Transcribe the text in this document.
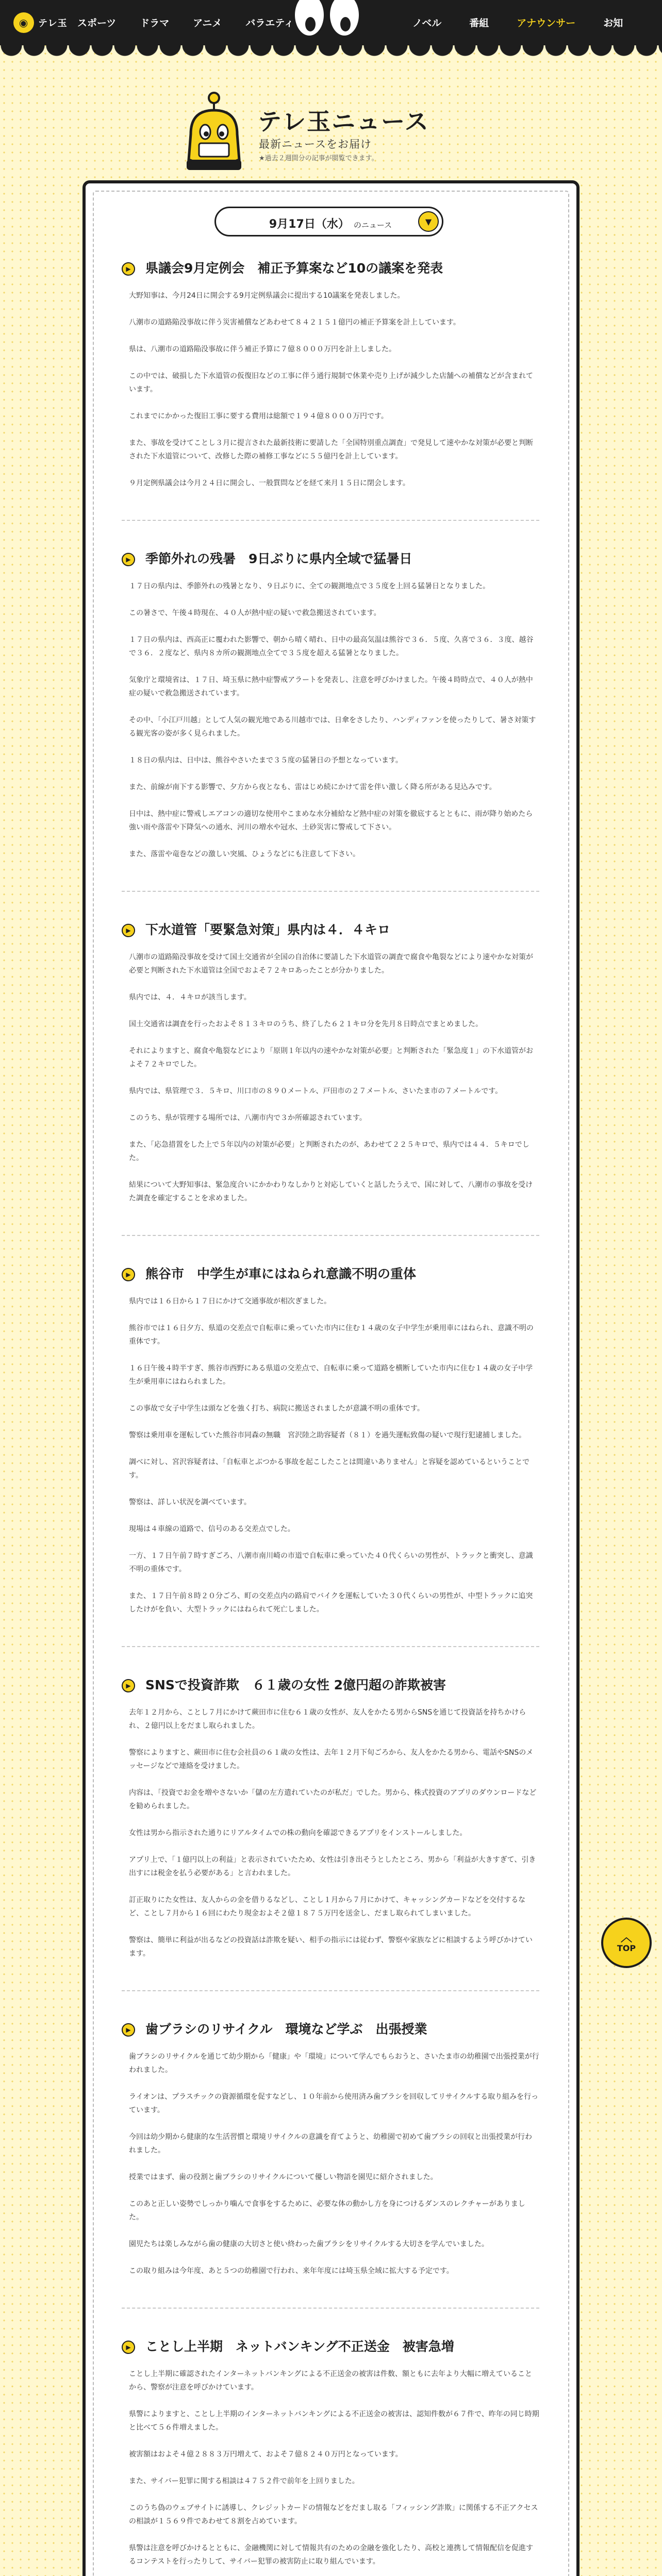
◉	テレ玉 スポーツ ドラマ アニメ バラエティ	ノベル	番組	アナウンサー	お知
テレ玉ニュース
最新ニュースをお届け
★過去２週間分の記事が閲覧できます。
9月17日（水） のニュース	▼
▶	県議会9月定例会　補正予算案など10の議案を発表

大野知事は、今月24日に開会する9月定例県議会に提出する10議案を発表しました。

八潮市の道路陥没事故に伴う災害補償などあわせて８４２１５１億円の補正予算案を計上しています。

県は、八潮市の道路陥没事故に伴う補正予算に７億８０００万円を計上しました。

この中では、破損した下水道管の仮復旧などの工事に伴う通行規制で休業や売り上げが減少した店舗への補償などが含まれています。

これまでにかかった復旧工事に要する費用は総額で１９４億８０００万円です。

また、事故を受けてことし３月に提言された最新技術に要請した「全国特別重点調査」で発見して速やかな対策が必要と判断された下水道管について、改修した際の補修工事などに５５億円を計上しています。

９月定例県議会は今月２４日に開会し、一般質問などを経て来月１５日に閉会します。

▶	季節外れの残暑　9日ぶりに県内全域で猛暑日

１７日の県内は、季節外れの残暑となり、９日ぶりに、全ての観測地点で３５度を上回る猛暑日となりました。

この暑さで、午後４時現在、４０人が熱中症の疑いで救急搬送されています。

１７日の県内は、西高正に覆われた影響で、朝から晴く晴れ、日中の最高気温は熊谷で３６．５度、久喜で３６．３度、越谷で３６．２度など、県内８カ所の観測地点全てで３５度を超える猛暑となりました。

気象庁と環境省は、１７日、埼玉県に熱中症警戒アラートを発表し、注意を呼びかけました。午後４時時点で、４０人が熱中症の疑いで救急搬送されています。

その中、「小江戸川越」として人気の観光地である川越市では、日傘をさしたり、ハンディファンを使ったりして、暑さ対策する観光客の姿が多く見られました。

１８日の県内は、日中は、熊谷やさいたまで３５度の猛暑日の予想となっています。

また、前線が南下する影響で、夕方から夜となも、雷はじめ続にかけて雷を伴い激しく降る所がある見込みです。

日中は、熱中症に警戒しエアコンの適切な使用やこまめな水分補給など熱中症の対策を徹底するとともに、雨が降り始めたら強い雨や落雷や下降気への通水、河川の増水や冠水、土砂災害に警戒して下さい。

また、落雷や竜巻などの激しい突風、ひょうなどにも注意して下さい。

▶	下水道管「要緊急対策」県内は４．４キロ

八潮市の道路陥没事故を受けて国土交通省が全国の自治体に要請した下水道管の調査で腐食や亀裂などにより速やかな対策が必要と判断された下水道管は全国でおよそ７２キロあったことが分かりました。

県内では、４．４キロが該当します。

国土交通省は調査を行ったおよそ８１３キロのうち、終了した６２１キロ分を先月８日時点でまとめました。

それによりますと、腐食や亀裂などにより「原則１年以内の速やかな対策が必要」と判断された「緊急度１」の下水道管がおよそ７２キロでした。

県内では、県管理で３．５キロ、川口市の８９０メートル、戸田市の２７メートル、さいたま市の７メートルです。

このうち、県が管理する場所では、八潮市内で３か所確認されています。

また、「応急措置をした上で５年以内の対策が必要」と判断されたのが、あわせて２２５キロで、県内では４４．５キロでした。

結果について大野知事は、緊急度合いにかかわりなしかりと対応していくと話したうえで、国に対して、八潮市の事故を受けた調査を確定することを求めました。

▶	熊谷市　中学生が車にはねられ意識不明の重体

県内では１６日から１７日にかけて交通事故が相次ぎました。

熊谷市では１６日夕方、県道の交差点で自転車に乗っていた市内に住む１４歳の女子中学生が乗用車にはねられ、意識不明の重体です。

１６日午後４時半すぎ、熊谷市西野にある県道の交差点で、自転車に乗って道路を横断していた市内に住む１４歳の女子中学生が乗用車にはねられました。

この事故で女子中学生は頭などを強く打ち、病院に搬送されましたが意識不明の重体です。

警察は乗用車を運転していた熊谷市同森の無職　宮沢陸之助容疑者（８１）を過失運転致傷の疑いで現行犯逮捕しました。

調べに対し、宮沢容疑者は、「自転車とぶつかる事故を起こしたことは間違いありません」と容疑を認めているということです。

警察は、詳しい状況を調べています。

現場は４車線の道路で、信号のある交差点でした。

一方、１７日午前７時すぎごろ、八潮市南川崎の市道で自転車に乗っていた４０代くらいの男性が、トラックと衝突し、意識不明の重体です。

また、１７日午前８時２０分ごろ、町の交差点内の路肩でバイクを運転していた３０代くらいの男性が、中型トラックに追突したけがを負い、大型トラックにはねられて死亡しました。

▶	SNSで投資詐欺　６１歳の女性 2億円超の詐欺被害

去年１２月から、ことし７月にかけて蕨田市に住む６１歳の女性が、友人をかたる男からSNSを通じて投資話を持ちかけられ、２億円以上をだまし取られました。

警察によりますと、蕨田市に住む会社員の６１歳の女性は、去年１２月下旬ごろから、友人をかたる男から、電話やSNSのメッセージなどで連絡を受けました。

内容は、「投資でお金を増やさないか「儲の左方遣れていたのが私だ」でした。男から、株式投資のアプリのダウンロードなどを勧められました。

女性は男から指示された通りにリアルタイムでの株の動向を確認できるアプリをインストールしました。

アプリ上で、「１億円以上の利益」と表示されていたため、女性は引き出そうとしたところ、男から「利益が大きすぎて、引き出すには税金を払う必要がある」と言われました。

訂正取りにた女性は、友人からの金を借りるなどし、ことし１月から７月にかけて、キャッシングカードなどを交付するなど、ことし７月から１６回にわたり現金およそ２億１８７５万円を送金し、だまし取られてしまいました。

警察は、簡単に利益が出るなどの投資話は詐欺を疑い、相手の指示には従わず、警察や家族などに相談するよう呼びかけています。

▶	歯ブラシのリサイクル　環境など学ぶ　出張授業

歯ブラシのリサイクルを通じて幼少期から「健康」や「環境」について学んでもらおうと、さいたま市の幼稚園で出張授業が行われました。

ライオンは、プラスチックの資源循環を促すなどし、１０年前から使用済み歯ブラシを回収してリサイクルする取り組みを行っています。

今回は幼少期から健康的な生活習慣と環境リサイクルの意識を育てようと、幼稚園で初めて歯ブラシの回収と出張授業が行われました。

授業ではまず、歯の役割と歯ブラシのリサイクルについて優しい物語を園児に紹介されました。

このあと正しい姿勢でしっかり噛んで食事をするために、必要な体の動かし方を身につけるダンスのレクチャーがありました。

園児たちは楽しみながら歯の健康の大切さと使い終わった歯ブラシをリサイクルする大切さを学んでいました。

この取り組みは今年度、あと５つの幼稚園で行われ、来年年度には埼玉県全域に拡大する予定です。

▶	ことし上半期　ネットバンキング不正送金　被害急増

ことし上半期に確認されたインターネットバンキングによる不正送金の被害は件数、額ともに去年より大幅に増えていることから、警察が注意を呼びかけています。

県警によりますと、ことし上半期のインターネットバンキングによる不正送金の被害は、認知件数が６７件で、昨年の同じ時期と比べて５６件増えました。

被害額はおよそ４億２８８３万円増えて、およそ７億８２４０万円となっています。

また、サイバー犯罪に関する相談は４７５２件で前年を上回りました。

このうち偽のウェブサイトに誘導し、クレジットカードの情報などをだまし取る「フィッシング詐欺」に関係する不正アクセスの相談が１５６９件であわせて８割を占めています。

県警は注意を呼びかけるとともに、金融機関に対して情報共有のための金融を強化したり、高校と連携して情報配信を促進するコンテストを行ったりして、サイバー犯罪の被害防止に取り組んでいます。

︿
TOP
